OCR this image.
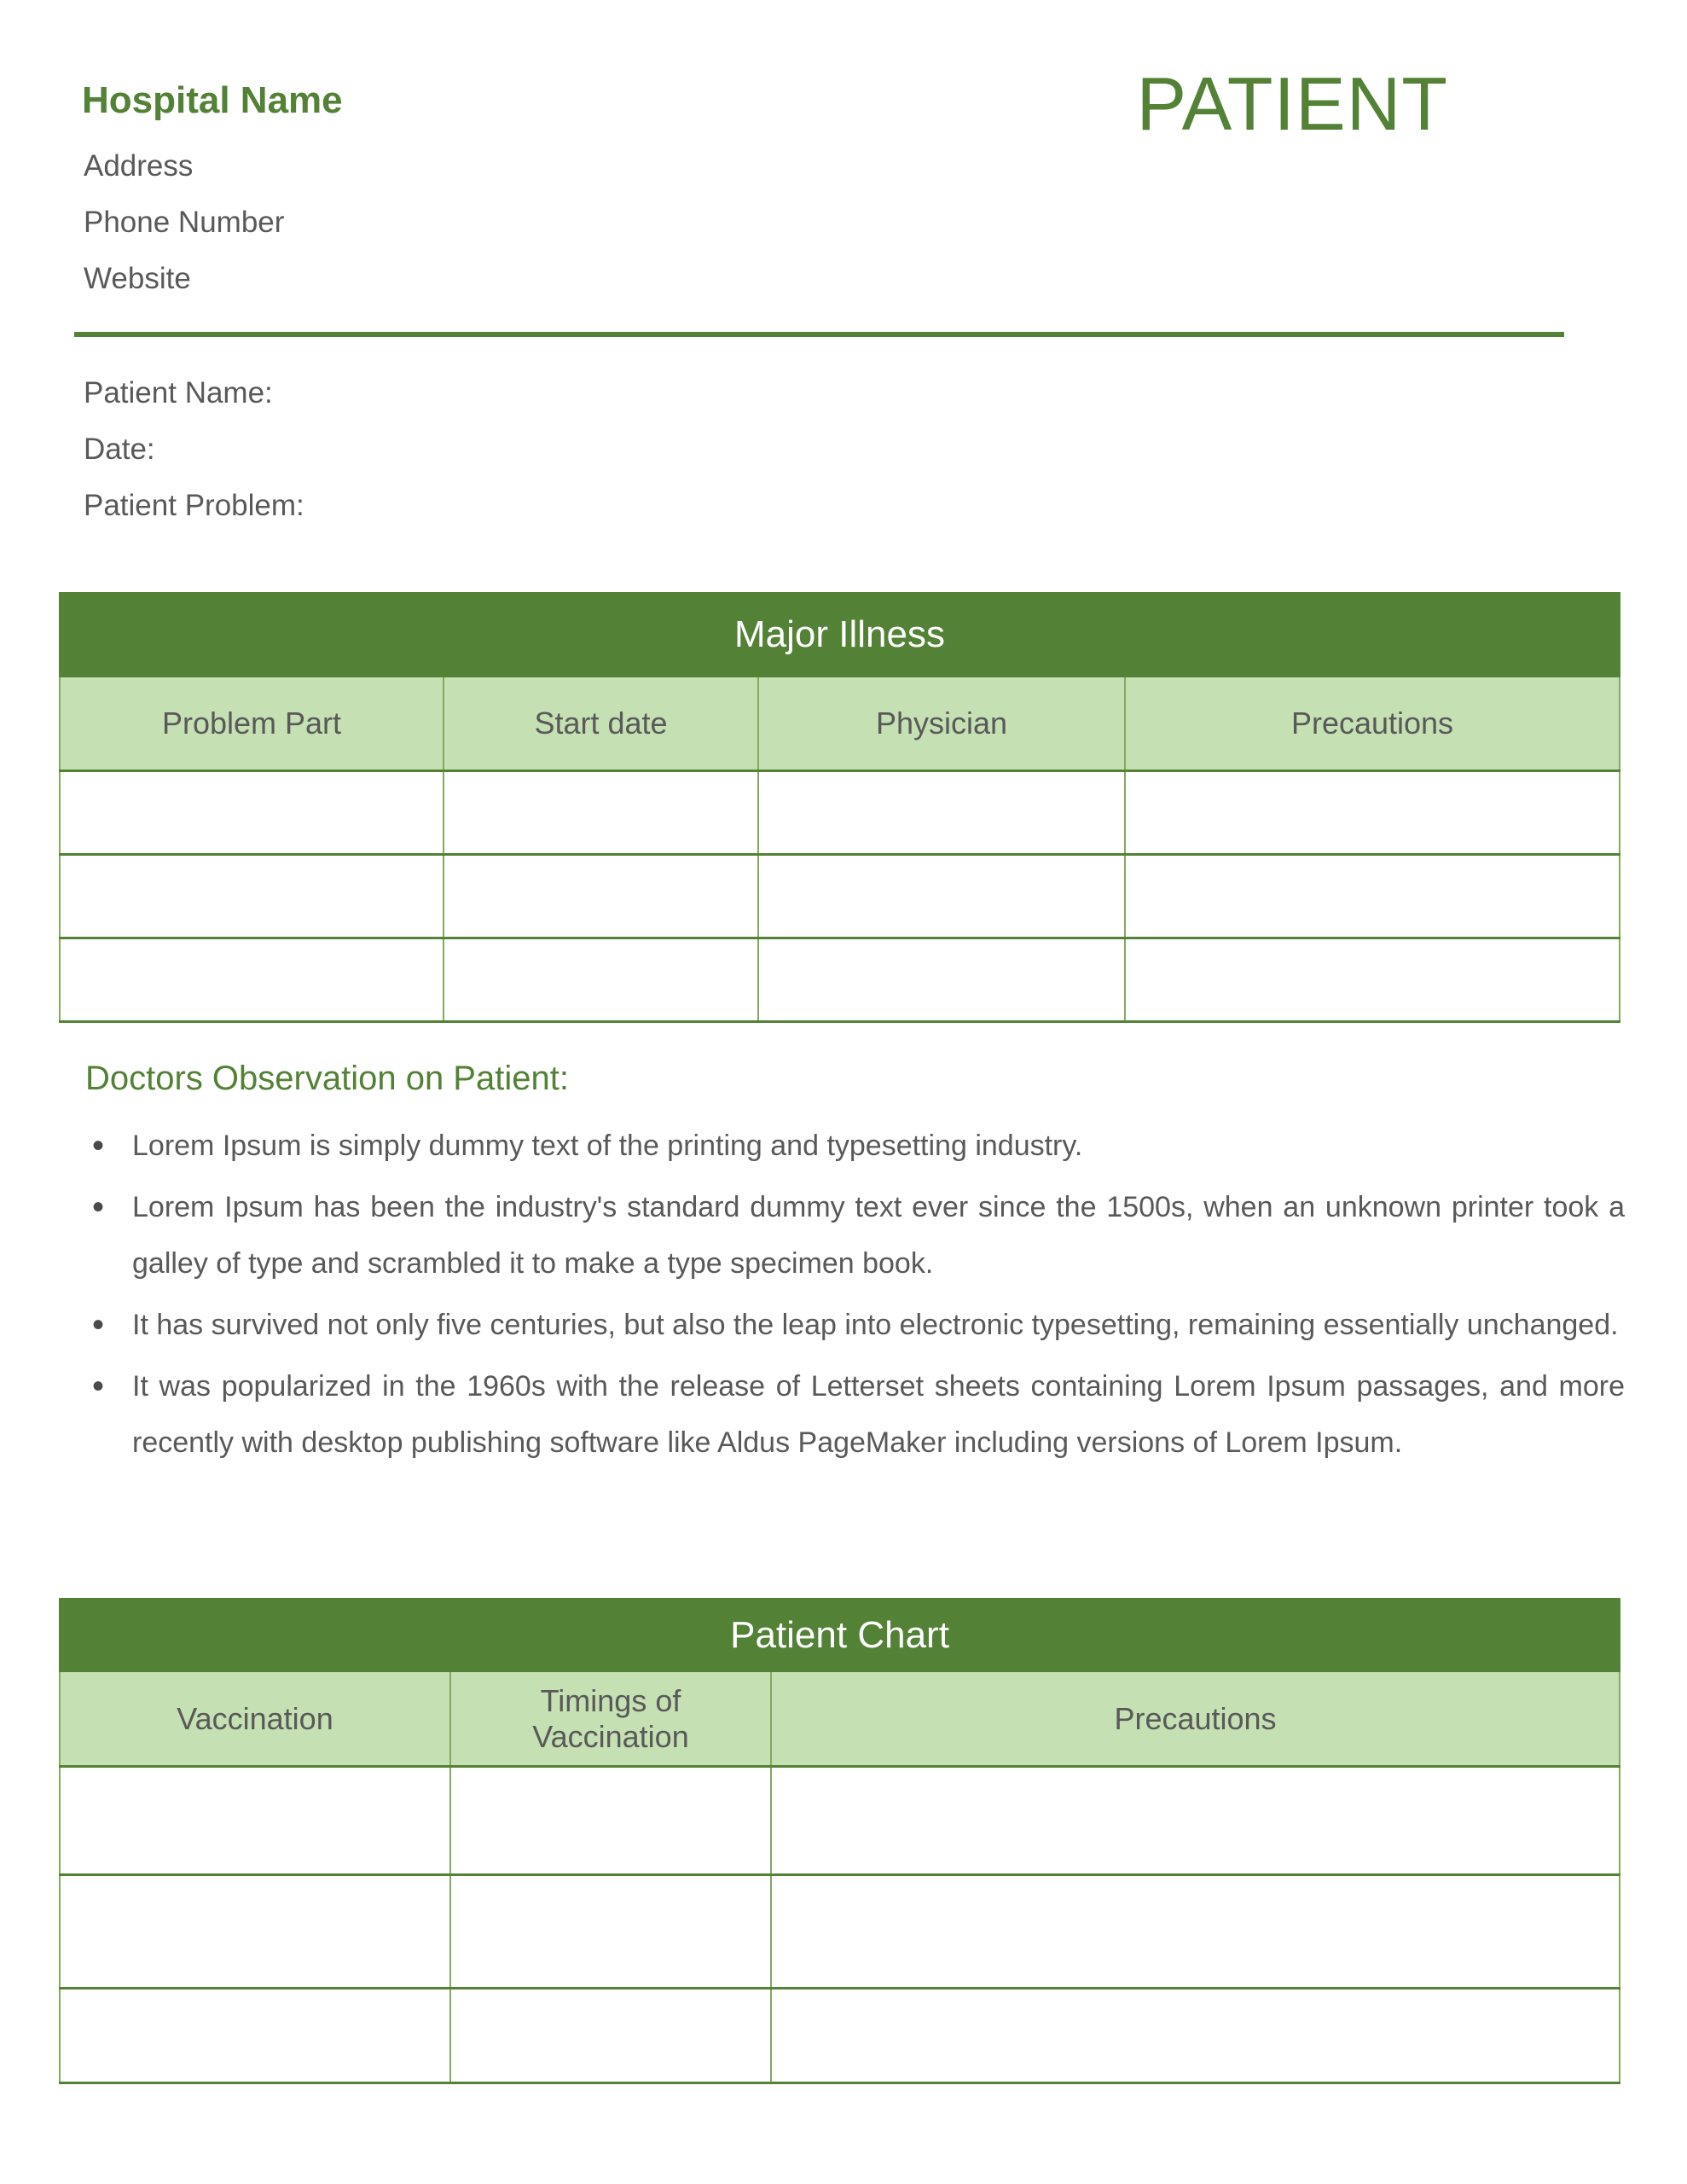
Hospital Name
Address
Phone Number
Website
PATIENT
Patient Name:
Date:
Patient Problem:
Major Illness			
Problem Part	Start date	Physician	Precautions

Doctors Observation on Patient:
• Lorem Ipsum is simply dummy text of the printing and typesetting industry.
• Lorem Ipsum has been the industry's standard dummy text ever since the 1500s, when an unknown printer took a galley of type and scrambled it to make a type specimen book.
• It has survived not only five centuries, but also the leap into electronic typesetting, remaining essentially unchanged.
• It was popularized in the 1960s with the release of Letterset sheets containing Lorem Ipsum passages, and more recently with desktop publishing software like Aldus PageMaker including versions of Lorem Ipsum.
Patient Chart		
Vaccination	Timings of Vaccination	Precautions
